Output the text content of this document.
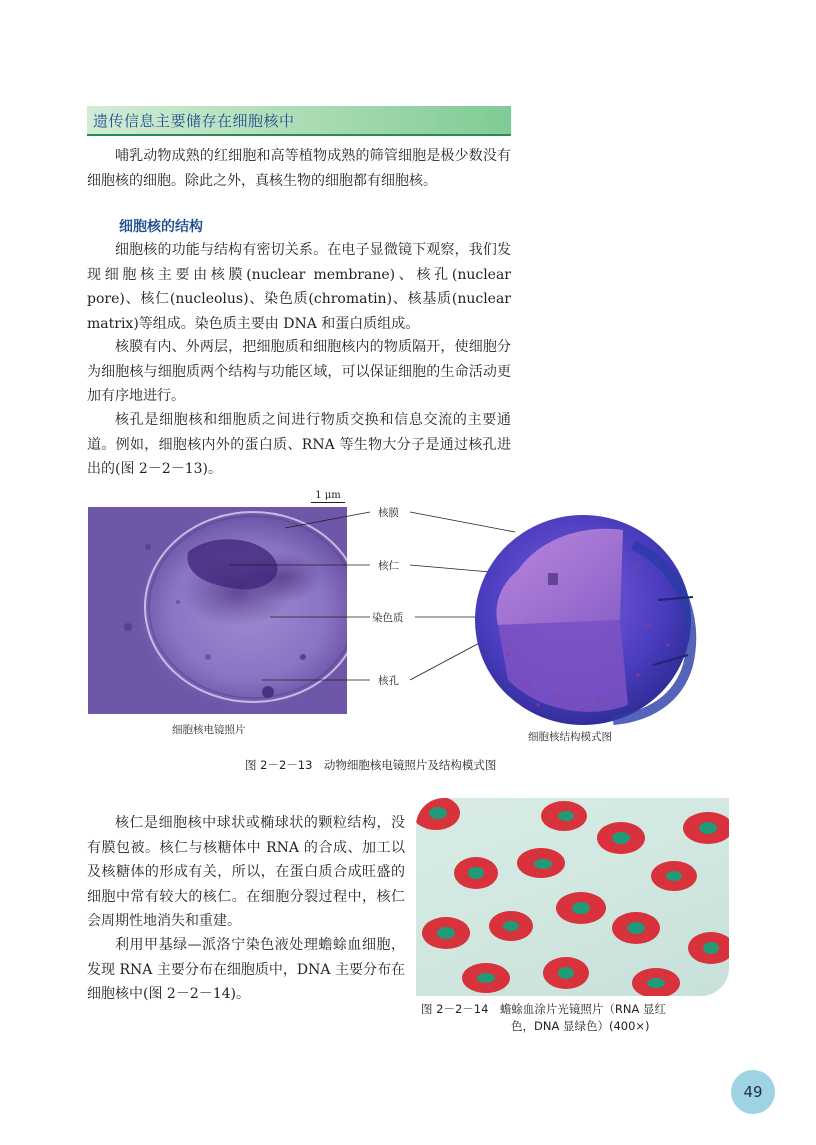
遗传信息主要储存在细胞核中

哺乳动物成熟的红细胞和高等植物成熟的筛管细胞是极少数没有细胞核的细胞。除此之外，真核生物的细胞都有细胞核。

细胞核的结构

细胞核的功能与结构有密切关系。在电子显微镜下观察，我们发现细胞核主要由核膜(nuclear membrane)、核孔(nuclear pore)、核仁(nucleolus)、染色质(chromatin)、核基质(nuclear matrix)等组成。染色质主要由 DNA 和蛋白质组成。

核膜有内、外两层，把细胞质和细胞核内的物质隔开，使细胞分为细胞核与细胞质两个结构与功能区域，可以保证细胞的生命活动更加有序地进行。

核孔是细胞核和细胞质之间进行物质交换和信息交流的主要通道。例如，细胞核内外的蛋白质、RNA 等生物大分子是通过核孔进出的(图 2－2－13)。

1 μm
核膜
核仁
染色质
核孔
细胞核电镜照片
细胞核结构模式图
图 2－2－13　动物细胞核电镜照片及结构模式图

核仁是细胞核中球状或椭球状的颗粒结构，没有膜包被。核仁与核糖体中 RNA 的合成、加工以及核糖体的形成有关，所以，在蛋白质合成旺盛的细胞中常有较大的核仁。在细胞分裂过程中，核仁会周期性地消失和重建。

利用甲基绿—派洛宁染色液处理蟾蜍血细胞，发现 RNA 主要分布在细胞质中，DNA 主要分布在细胞核中(图 2－2－14)。

图 2－2－14　蟾蜍血涂片光镜照片（RNA 显红
色，DNA 显绿色）(400×)
49
